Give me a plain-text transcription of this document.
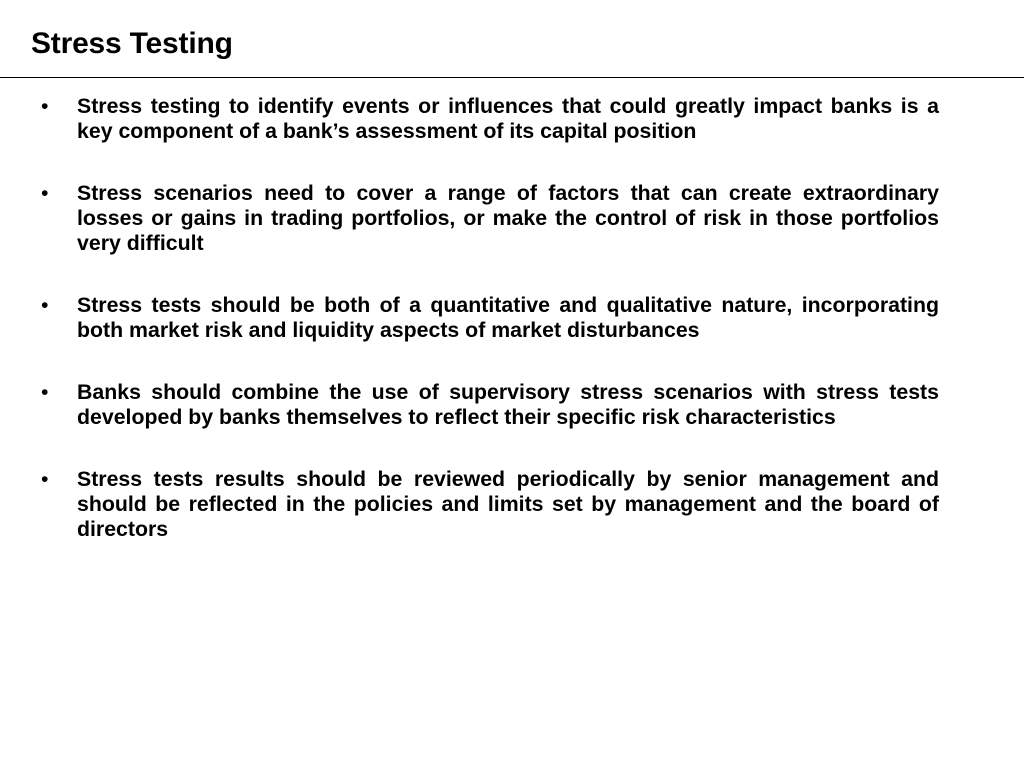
Stress Testing
• Stress testing to identify events or influences that could greatly impact banks is a key component of a bank’s assessment of its capital position
• Stress scenarios need to cover a range of factors that can create extraordinary losses or gains in trading portfolios, or make the control of risk in those portfolios very difficult
• Stress tests should be both of a quantitative and qualitative nature, incorporating both market risk and liquidity aspects of market disturbances
• Banks should combine the use of supervisory stress scenarios with stress tests developed by banks themselves to reflect their specific risk characteristics
• Stress tests results should be reviewed periodically by senior management and should be reflected in the policies and limits set by management and the board of directors
